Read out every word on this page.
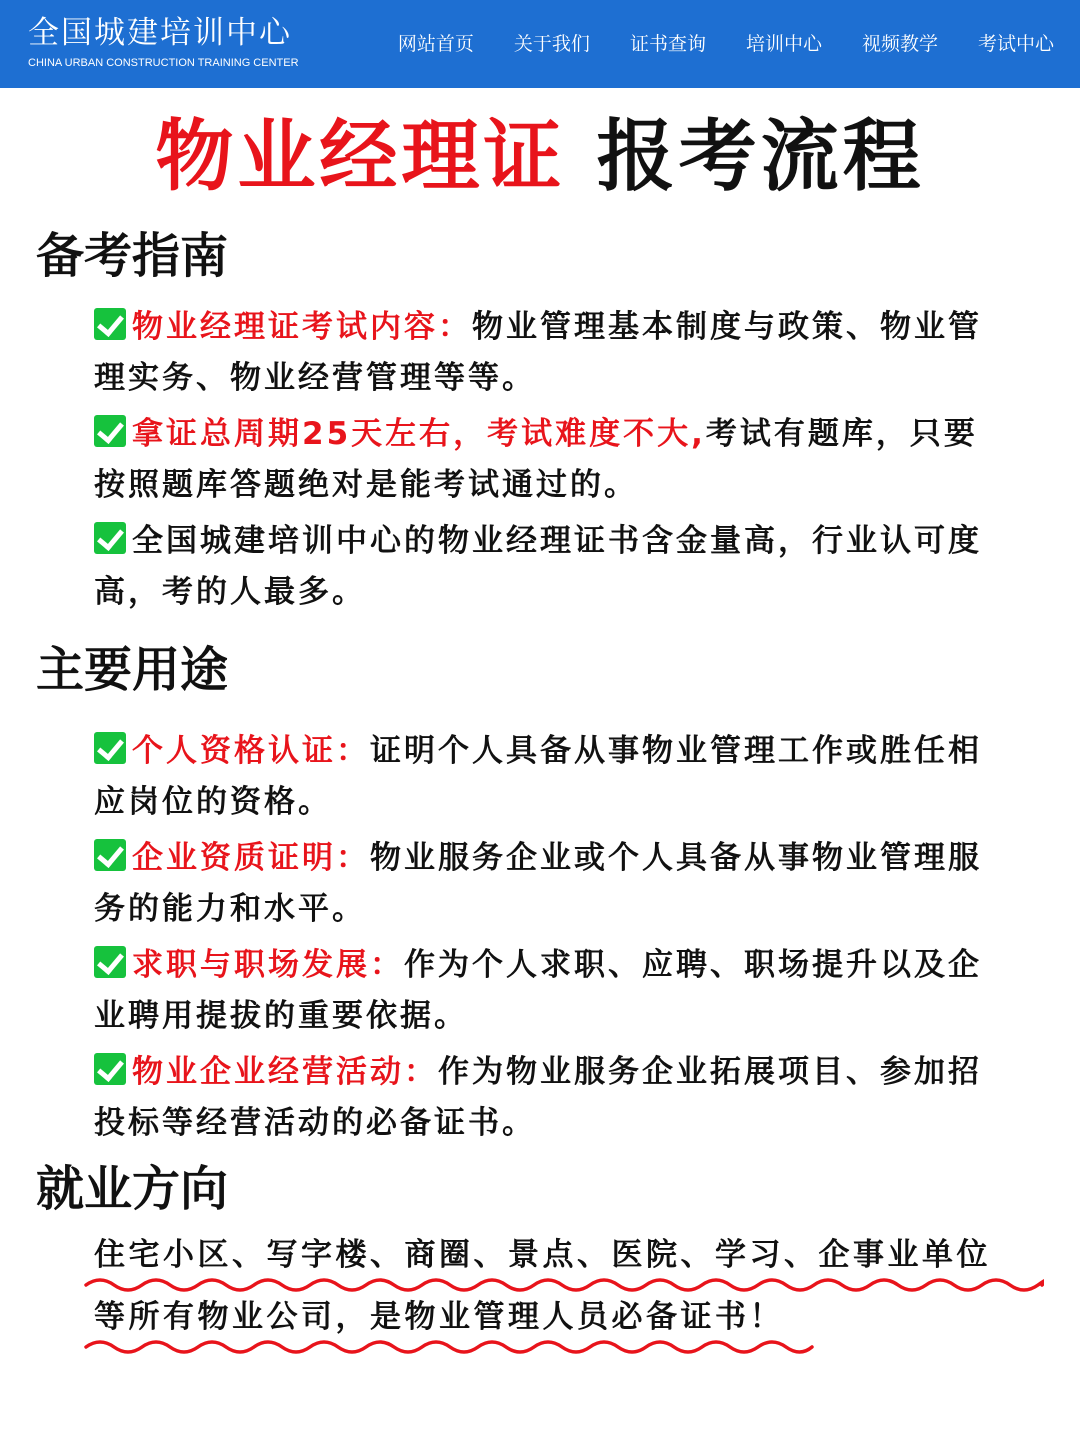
全国城建培训中心
CHINA URBAN CONSTRUCTION TRAINING CENTER
网站首页 关于我们 证书查询 培训中心 视频教学 考试中心
物业经理证 报考流程
备考指南
物业经理证考试内容：物业管理基本制度与政策、物业管理实务、物业经营管理等等。
拿证总周期25天左右，考试难度不大,考试有题库，只要按照题库答题绝对是能考试通过的。
全国城建培训中心的物业经理证书含金量高，行业认可度高，考的人最多。
主要用途
个人资格认证：证明个人具备从事物业管理工作或胜任相应岗位的资格。
企业资质证明：物业服务企业或个人具备从事物业管理服务的能力和水平。
求职与职场发展：作为个人求职、应聘、职场提升以及企业聘用提拔的重要依据。
物业企业经营活动：作为物业服务企业拓展项目、参加招投标等经营活动的必备证书。
就业方向
住宅小区、写字楼、商圈、景点、医院、学习、企事业单位

等所有物业公司，是物业管理人员必备证书！
